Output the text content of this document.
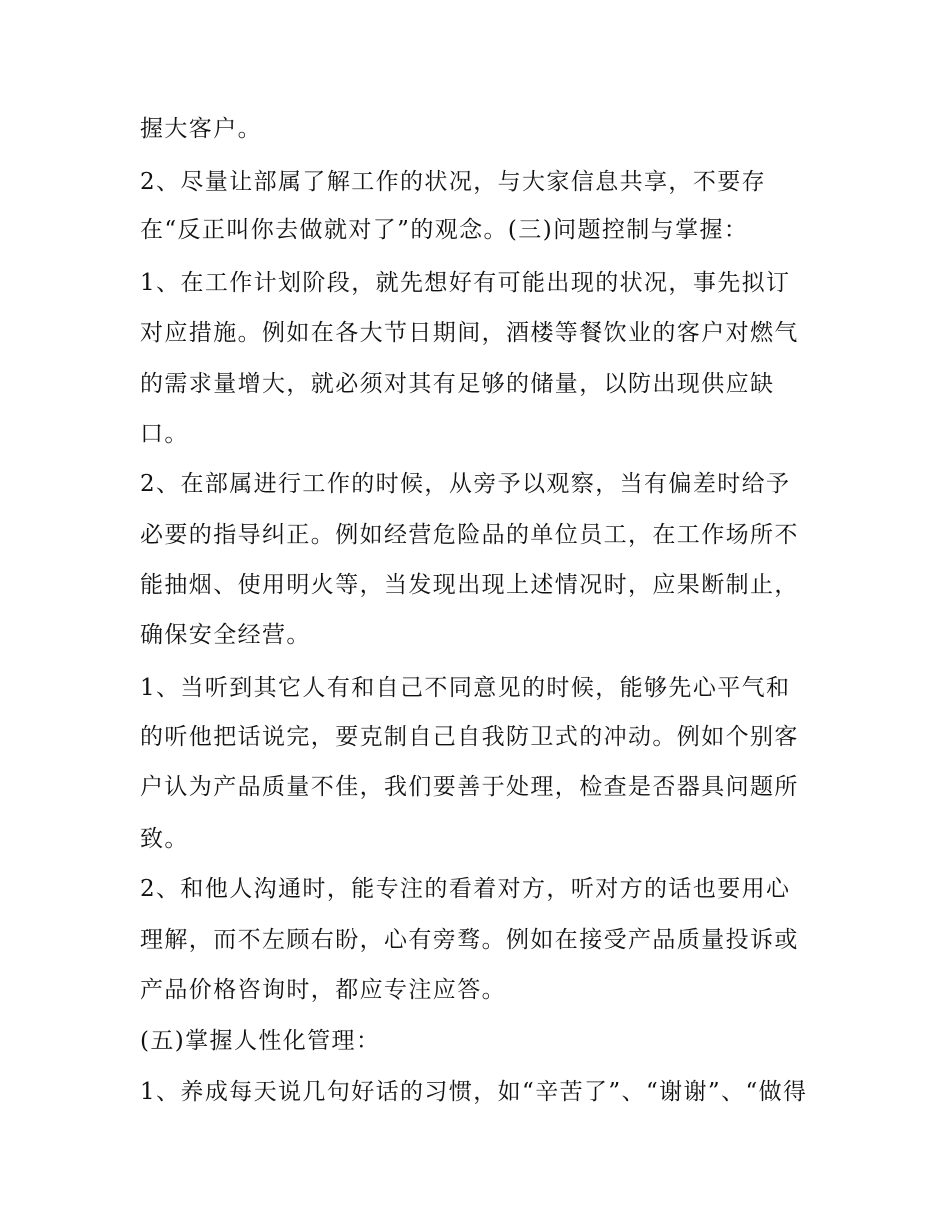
握大客户。
2、尽量让部属了解工作的状况，与大家信息共享，不要存
在“反正叫你去做就对了”的观念。(三)问题控制与掌握：
1、在工作计划阶段，就先想好有可能出现的状况，事先拟订
对应措施。例如在各大节日期间，酒楼等餐饮业的客户对燃气
的需求量增大，就必须对其有足够的储量，以防出现供应缺
口。
2、在部属进行工作的时候，从旁予以观察，当有偏差时给予
必要的指导纠正。例如经营危险品的单位员工，在工作场所不
能抽烟、使用明火等，当发现出现上述情况时，应果断制止，
确保安全经营。
1、当听到其它人有和自己不同意见的时候，能够先心平气和
的听他把话说完，要克制自己自我防卫式的冲动。例如个别客
户认为产品质量不佳，我们要善于处理，检查是否器具问题所
致。
2、和他人沟通时，能专注的看着对方，听对方的话也要用心
理解，而不左顾右盼，心有旁骛。例如在接受产品质量投诉或
产品价格咨询时，都应专注应答。
(五)掌握人性化管理：
1、养成每天说几句好话的习惯，如“辛苦了”、“谢谢”、“做得
